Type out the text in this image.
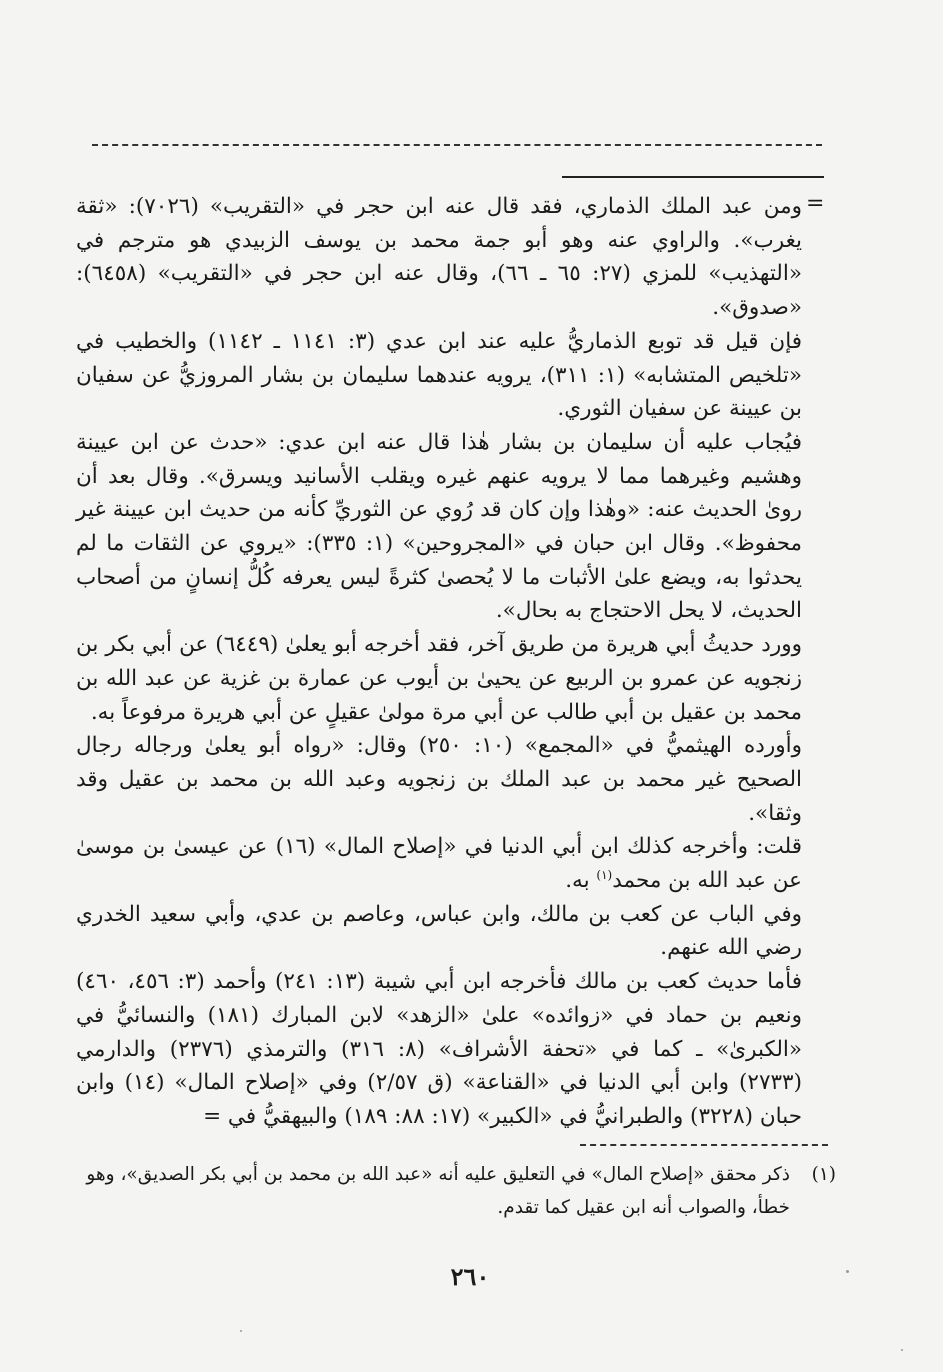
=

ومن عبد الملك الذماري، فقد قال عنه ابن حجر في «التقريب» (٧٠٢٦): «ثقة يغرب». والراوي عنه وهو أبو جمة محمد بن يوسف الزبيدي هو مترجم في «التهذيب» للمزي (٢٧: ٦٥ ـ ٦٦)، وقال عنه ابن حجر في «التقريب» (٦٤٥٨): «صدوق».

فإن قيل قد توبع الذماريُّ عليه عند ابن عدي (٣: ١١٤١ ـ ١١٤٢) والخطيب في «تلخيص المتشابه» (١: ٣١١)، يرويه عندهما سليمان بن بشار المروزيُّ عن سفيان بن عيينة عن سفيان الثوري.

فيُجاب عليه أن سليمان بن بشار هٰذا قال عنه ابن عدي: «حدث عن ابن عيينة وهشيم وغيرهما مما لا يرويه عنهم غيره ويقلب الأسانيد ويسرق». وقال بعد أن روىٰ الحديث عنه: «وهٰذا وإن كان قد رُوي عن الثوريِّ كأنه من حديث ابن عيينة غير محفوظ». وقال ابن حبان في «المجروحين» (١: ٣٣٥): «يروي عن الثقات ما لم يحدثوا به، ويضع علىٰ الأثبات ما لا يُحصىٰ كثرةً ليس يعرفه كُلُّ إنسانٍ من أصحاب الحديث، لا يحل الاحتجاج به بحال».

وورد حديثُ أبي هريرة من طريق آخر، فقد أخرجه أبو يعلىٰ (٦٤٤٩) عن أبي بكر بن زنجويه عن عمرو بن الربيع عن يحيىٰ بن أيوب عن عمارة بن غزية عن عبد الله بن محمد بن عقيل بن أبي طالب عن أبي مرة مولىٰ عقيلٍ عن أبي هريرة مرفوعاً به.

وأورده الهيثميُّ في «المجمع» (١٠: ٢٥٠) وقال: «رواه أبو يعلىٰ ورجاله رجال الصحيح غير محمد بن عبد الملك بن زنجويه وعبد الله بن محمد بن عقيل وقد وثقا».

قلت: وأخرجه كذلك ابن أبي الدنيا في «إصلاح المال» (١٦) عن عيسىٰ بن موسىٰ عن عبد الله بن محمد$^{(١)}$ به.

وفي الباب عن كعب بن مالك، وابن عباس، وعاصم بن عدي، وأبي سعيد الخدري رضي الله عنهم.

فأما حديث كعب بن مالك فأخرجه ابن أبي شيبة (١٣: ٢٤١) وأحمد (٣: ٤٥٦، ٤٦٠) ونعيم بن حماد في «زوائده» علىٰ «الزهد» لابن المبارك (١٨١) والنسائيُّ في «الكبرىٰ» ـ كما في «تحفة الأشراف» (٨: ٣١٦) والترمذي (٢٣٧٦) والدارمي (٢٧٣٣) وابن أبي الدنيا في «القناعة» (ق ٢/٥٧) وفي «إصلاح المال» (١٤) وابن حبان (٣٢٢٨) والطبرانيُّ في «الكبير» (١٧: ٨٨: ١٨٩) والبيهقيُّ في =

(١)ذكر محقق «إصلاح المال» في التعليق عليه أنه «عبد الله بن محمد بن أبي بكر الصديق»، وهو

خطأ، والصواب أنه ابن عقيل كما تقدم.

٢٦٠
